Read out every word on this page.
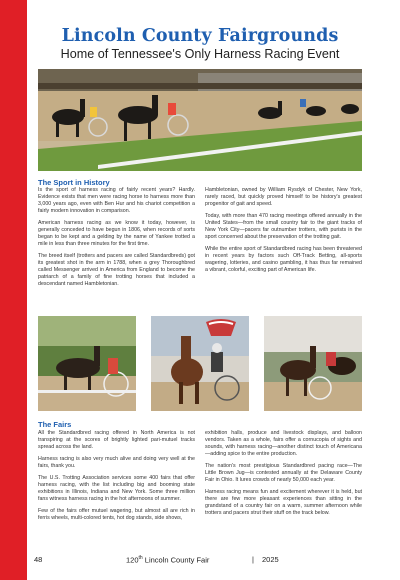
Lincoln County Fairgrounds
Home of Tennessee's Only Harness Racing Event
The Sport in History

Is the sport of harness racing of fairly recent years? Hardly. Evidence exists that men were racing horse to harness more than 3,000 years ago, even with Ben Hur and his chariot competition a fairly modern innovation in comparison.

American harness racing as we know it today, however, is generally conceded to have begun in 1806, when records of sorts began to be kept and a gelding by the name of Yankee trotted a mile in less than three minutes for the first time.

The breed itself (trotters and pacers are called Standardbreds) got its greatest shot in the arm in 1788, when a grey Thoroughbred called Messenger arrived in America from England to become the patriarch of a family of fine trotting horses that included a descendant named Hambletonian.

Hambletonian, owned by William Rysdyk of Chester, New York, rarely raced, but quickly proved himself to be history's greatest progenitor of gait and speed.

Today, with more than 470 racing meetings offered annually in the United States—from the small country fair to the giant tracks of New York City—pacers far outnumber trotters, with purists in the sport concerned about the preservation of the trotting gait.

While the entire sport of Standardbred racing has been threatened in recent years by factors such Off-Track Betting, all-sports wagering, lotteries, and casino gambling, it has thus far remained a vibrant, colorful, exciting part of American life.

The Fairs

All the Standardbred racing offered in North America is not transpiring at the scores of brightly lighted pari-mutuel tracks spread across the land.

Harness racing is also very much alive and doing very well at the fairs, thank you.

The U.S. Trotting Association services some 400 fairs that offer harness racing, with the list including big and booming state exhibitions in Illinois, Indiana and New York. Some three million fans witness harness racing in the hot afternoons of summer.

Few of the fairs offer mutuel wagering, but almost all are rich in ferris wheels, multi-colored tents, hot dog stands, side shows,

exhibition halls, produce and livestock displays, and balloon vendors. Taken as a whole, fairs offer a cornucopia of sights and sounds, with harness racing—another distinct touch of Americana—adding spice to the entire production.

The nation's most prestigious Standardbred pacing race—The Little Brown Jug—is contested annually at the Delaware County Fair in Ohio. It lures crowds of nearly 50,000 each year.

Harness racing means fun and excitement wherever it is held, but there are few more pleasant experiences than sitting in the grandstand of a country fair on a warm, summer afternoon while trotters and pacers strut their stuff on the track below.

48	120th Lincoln County Fair	| 2025
